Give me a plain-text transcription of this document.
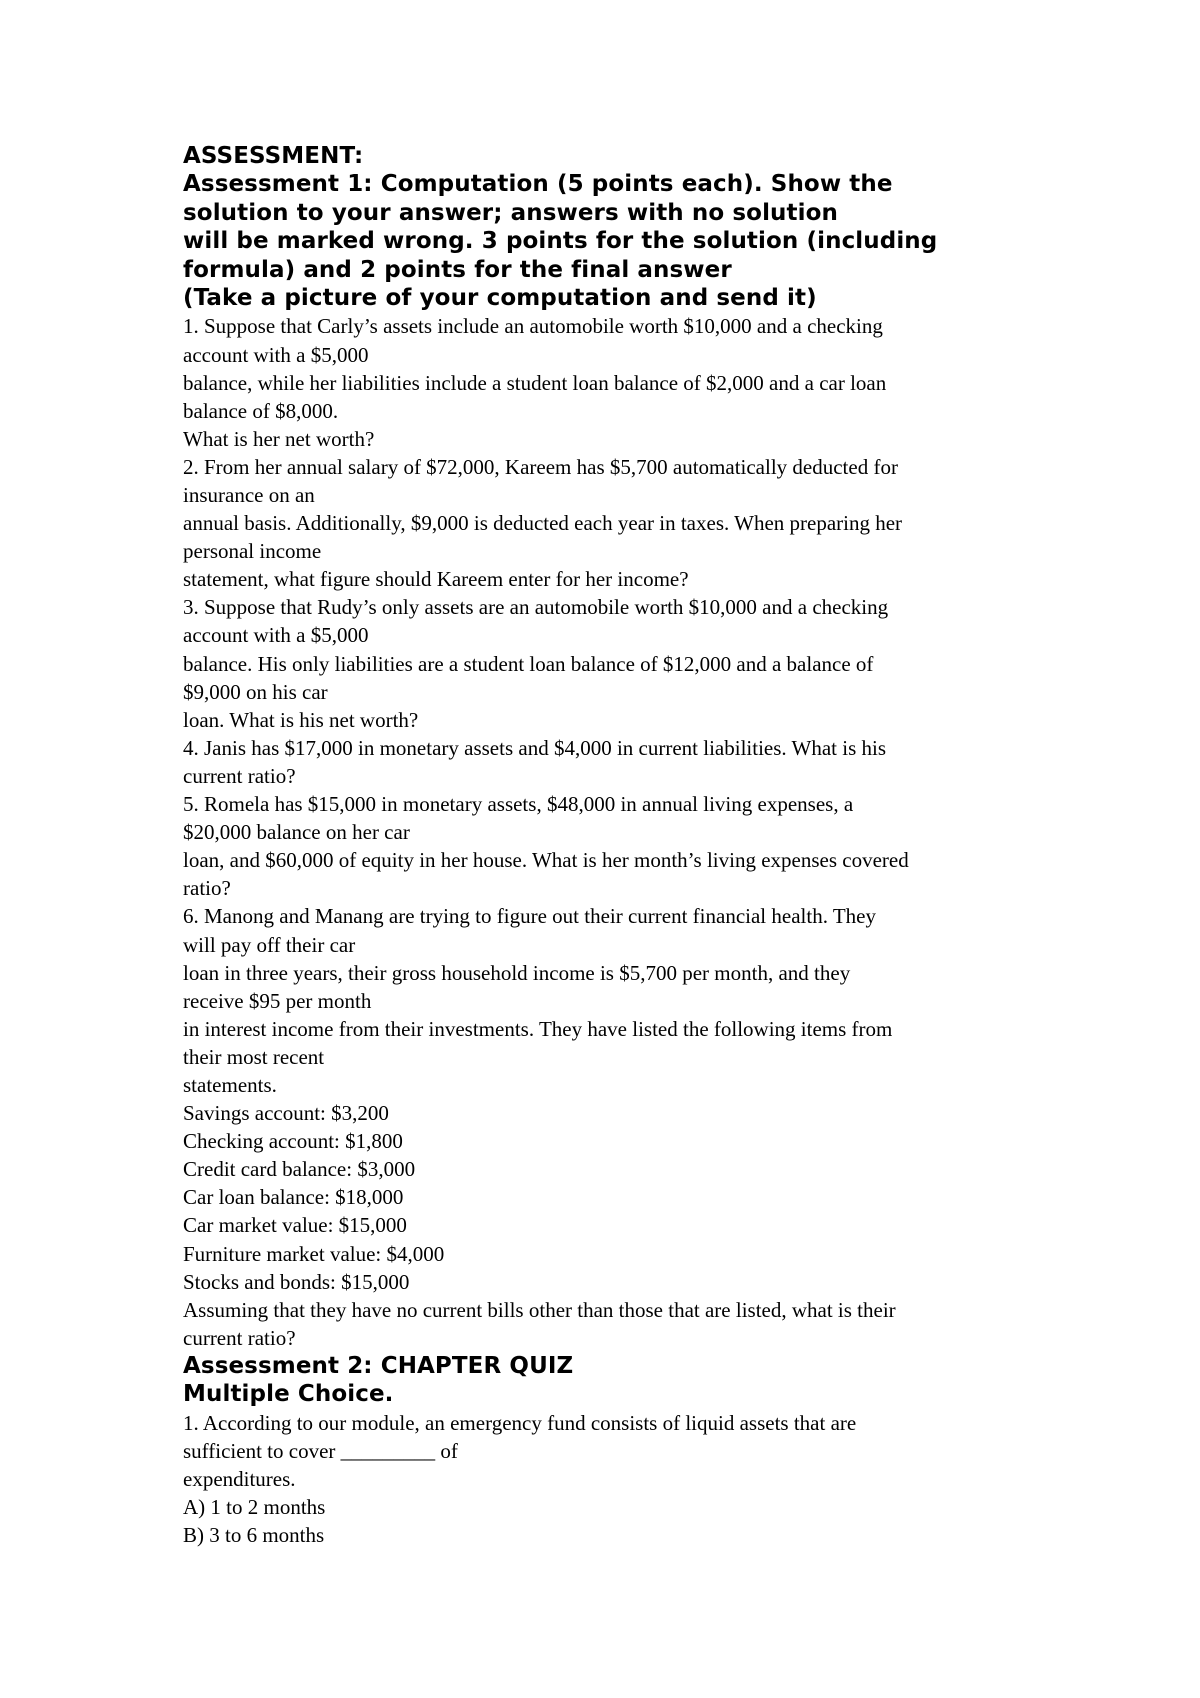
ASSESSMENT:
Assessment 1: Computation (5 points each). Show the
solution to your answer; answers with no solution
will be marked wrong. 3 points for the solution (including
formula) and 2 points for the final answer
(Take a picture of your computation and send it)
1. Suppose that Carly’s assets include an automobile worth $10,000 and a checking
account with a $5,000
balance, while her liabilities include a student loan balance of $2,000 and a car loan
balance of $8,000.
What is her net worth?
2. From her annual salary of $72,000, Kareem has $5,700 automatically deducted for
insurance on an
annual basis. Additionally, $9,000 is deducted each year in taxes. When preparing her
personal income
statement, what figure should Kareem enter for her income?
3. Suppose that Rudy’s only assets are an automobile worth $10,000 and a checking
account with a $5,000
balance. His only liabilities are a student loan balance of $12,000 and a balance of
$9,000 on his car
loan. What is his net worth?
4. Janis has $17,000 in monetary assets and $4,000 in current liabilities. What is his
current ratio?
5. Romela has $15,000 in monetary assets, $48,000 in annual living expenses, a
$20,000 balance on her car
loan, and $60,000 of equity in her house. What is her month’s living expenses covered
ratio?
6. Manong and Manang are trying to figure out their current financial health. They
will pay off their car
loan in three years, their gross household income is $5,700 per month, and they
receive $95 per month
in interest income from their investments. They have listed the following items from
their most recent
statements.
Savings account: $3,200
Checking account: $1,800
Credit card balance: $3,000
Car loan balance: $18,000
Car market value: $15,000
Furniture market value: $4,000
Stocks and bonds: $15,000
Assuming that they have no current bills other than those that are listed, what is their
current ratio?
Assessment 2: CHAPTER QUIZ
Multiple Choice.
1. According to our module, an emergency fund consists of liquid assets that are
sufficient to cover _________ of
expenditures.
A) 1 to 2 months
B) 3 to 6 months
